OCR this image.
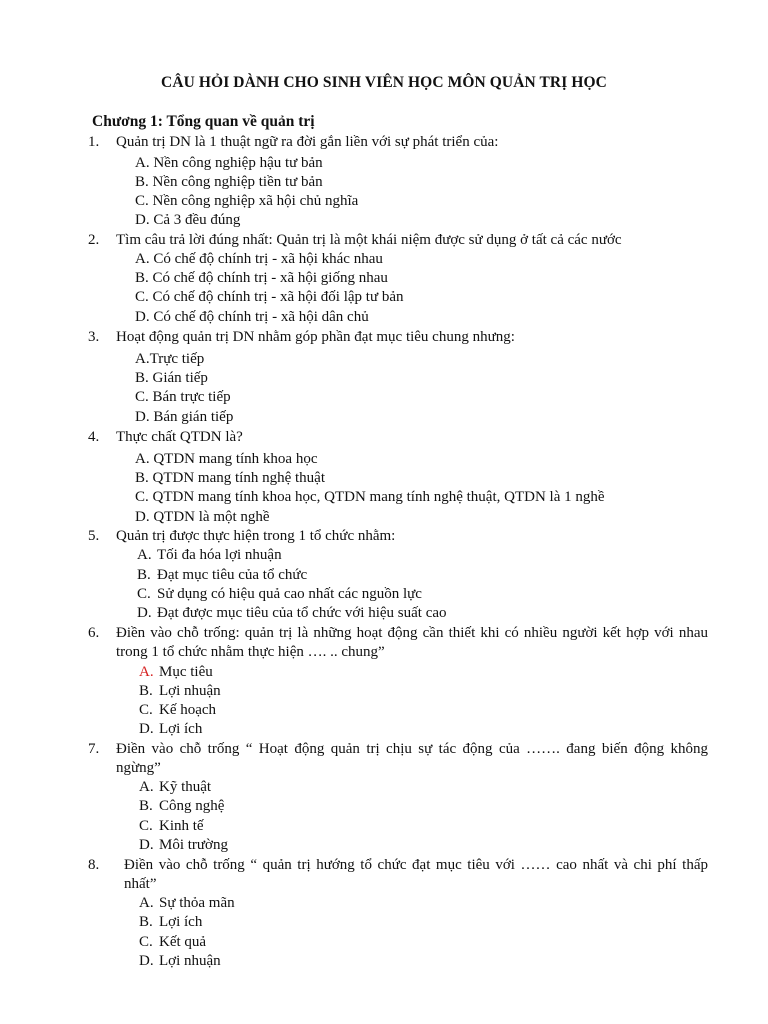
CÂU HỎI DÀNH CHO SINH VIÊN HỌC MÔN QUẢN TRỊ HỌC
Chương 1: Tổng quan về quản trị
1. Quản trị DN là 1 thuật ngữ ra đời gắn liền với sự phát triển của:
A. Nền công nghiệp hậu tư bản
B. Nền công nghiệp tiền tư bản
C. Nền công nghiệp xã hội chủ nghĩa
D. Cả 3 đều đúng
2. Tìm câu trả lời đúng nhất: Quản trị là một khái niệm được sử dụng ở tất cả các nước
A. Có chế độ chính trị - xã hội khác nhau
B. Có chế độ chính trị - xã hội giống nhau
C. Có chế độ chính trị - xã hội đối lập tư bản
D. Có chế độ chính trị - xã hội dân chủ
3. Hoạt động quản trị DN nhằm góp phần đạt mục tiêu chung nhưng:
A.Trực tiếp
B. Gián tiếp
C. Bán trực tiếp
D. Bán gián tiếp
4. Thực chất QTDN là?
A. QTDN mang tính khoa học
B. QTDN mang tính nghệ thuật
C. QTDN mang tính khoa học, QTDN mang tính nghệ thuật, QTDN là 1 nghề
D. QTDN là một nghề
5. Quản trị được thực hiện trong 1 tổ chức nhằm:
A. Tối đa hóa lợi nhuận
B. Đạt mục tiêu của tổ chức
C. Sử dụng có hiệu quả cao nhất các nguồn lực
D. Đạt được mục tiêu của tổ chức với hiệu suất cao
6. Điền vào chỗ trống: quản trị là những hoạt động cần thiết khi có nhiều người kết hợp với nhau trong 1 tổ chức nhằm thực hiện …. .. chung”
A. Mục tiêu
B. Lợi nhuận
C. Kế hoạch
D. Lợi ích
7. Điền vào chỗ trống “ Hoạt động quản trị chịu sự tác động của ……. đang biến động không ngừng”
A. Kỹ thuật
B. Công nghệ
C. Kinh tế
D. Môi trường
8. Điền vào chỗ trống “ quản trị hướng tổ chức đạt mục tiêu với …… cao nhất và chi phí thấp nhất”
A. Sự thỏa mãn
B. Lợi ích
C. Kết quả
D. Lợi nhuận
